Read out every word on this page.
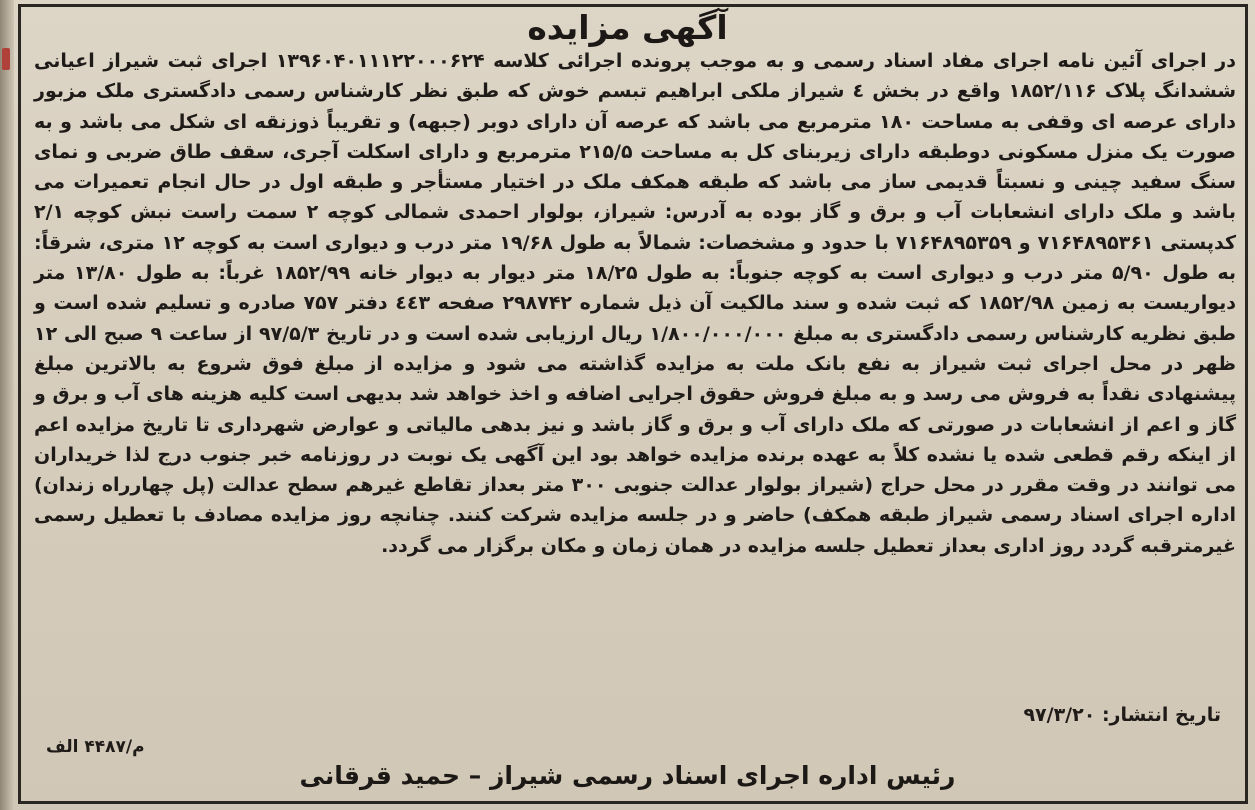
آگهی مزایده

در اجرای آئین نامه اجرای مفاد اسناد رسمی و به موجب پرونده اجرائی کلاسه ۱۳۹۶۰۴۰۱۱۱۲۲۰۰۰۶۲۴ اجرای ثبت شیراز اعیانی ششدانگ پلاک ۱۸۵۲/۱۱۶ واقع در بخش ٤ شیراز ملکی ابراهیم تبسم خوش که طبق نظر کارشناس رسمی دادگستری ملک مزبور دارای عرصه ای وقفی به مساحت ۱۸۰ مترمربع می باشد که عرصه آن دارای دوبر (جبهه) و تقریباً ذوزنقه ای شکل می باشد و به صورت یک منزل مسکونی دوطبقه دارای زیربنای کل به مساحت ۲۱۵/۵ مترمربع و دارای اسکلت آجری، سقف طاق ضربی و نمای سنگ سفید چینی و نسبتاً قدیمی ساز می باشد که طبقه همکف ملک در اختیار مستأجر و طبقه اول در حال انجام تعمیرات می باشد و ملک دارای انشعابات آب و برق و گاز بوده به آدرس: شیراز، بولوار احمدی شمالی کوچه ۲ سمت راست نبش کوچه ۲/۱ کدپستی ۷۱۶۴۸۹۵۳۶۱ و ۷۱۶۴۸۹۵۳۵۹ با حدود و مشخصات: شمالاً به طول ۱۹/۶۸ متر درب و دیواری است به کوچه ۱۲ متری، شرقاً: به طول ۵/۹۰ متر درب و دیواری است به کوچه جنوباً: به طول ۱۸/۲۵ متر دیوار به دیوار خانه ۱۸۵۲/۹۹ غرباً: به طول ۱۳/۸۰ متر دیواریست به زمین ۱۸۵۲/۹۸ که ثبت شده و سند مالکیت آن ذیل شماره ۲۹۸۷۴۲ صفحه ٤٤۳ دفتر ۷۵۷ صادره و تسلیم شده است و طبق نظریه کارشناس رسمی دادگستری به مبلغ ۱/۸۰۰/۰۰۰/۰۰۰ ریال ارزیابی شده است و در تاریخ ۹۷/۵/۳ از ساعت ۹ صبح الی ۱۲ ظهر در محل اجرای ثبت شیراز به نفع بانک ملت به مزایده گذاشته می شود و مزایده از مبلغ فوق شروع به بالاترین مبلغ پیشنهادی نقداً به فروش می رسد و به مبلغ فروش حقوق اجرایی اضافه و اخذ خواهد شد بدیهی است کلیه هزینه های آب و برق و گاز و اعم از انشعابات در صورتی که ملک دارای آب و برق و گاز باشد و نیز بدهی مالیاتی و عوارض شهرداری تا تاریخ مزایده اعم از اینکه رقم قطعی شده یا نشده کلاً به عهده برنده مزایده خواهد بود این آگهی یک نوبت در روزنامه خبر جنوب درج لذا خریداران می توانند در وقت مقرر در محل حراج (شیراز بولوار عدالت جنوبی ۳۰۰ متر بعداز تقاطع غیرهم سطح عدالت (پل چهارراه زندان) اداره اجرای اسناد رسمی شیراز طبقه همکف) حاضر و در جلسه مزایده شرکت کنند. چنانچه روز مزایده مصادف با تعطیل رسمی غیرمترقبه گردد روز اداری بعداز تعطیل جلسه مزایده در همان زمان و مکان برگزار می گردد.

تاریخ انتشار: ۹۷/۳/۲۰
م/۴۴۸۷ الف
رئیس اداره اجرای اسناد رسمی شیراز – حمید قرقانی
